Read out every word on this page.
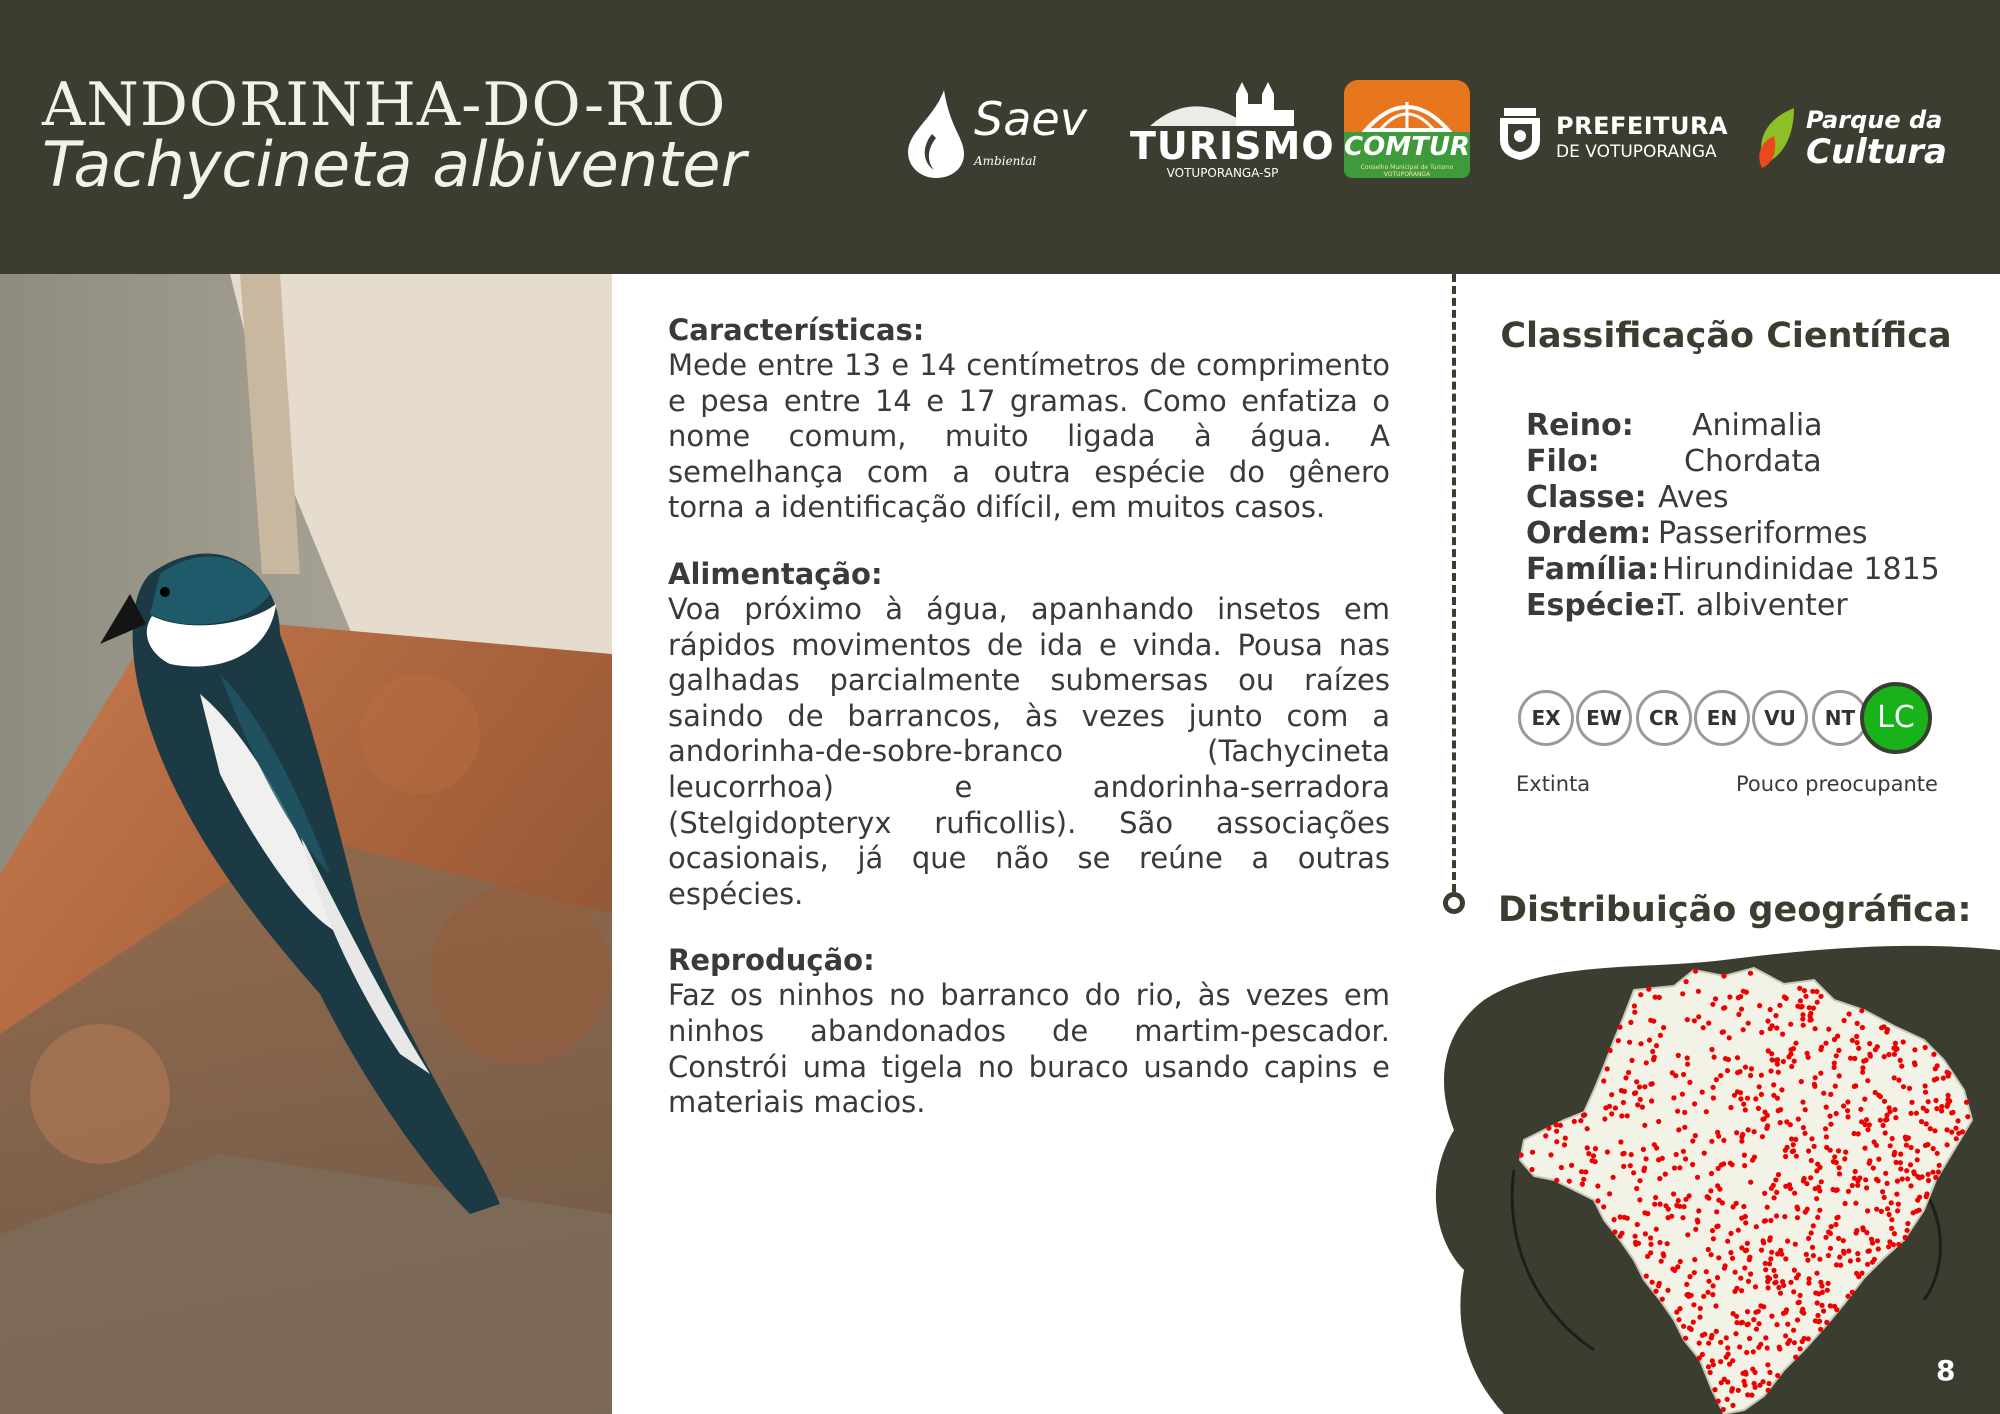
ANDORINHA-DO-RIO
Tachycineta albiventer
Saev
Ambiental TURISMO
VOTUPORANGA-SP
COMTUR
Conselho Municipal de Turismo VOTUPORANGA
PREFEITURA
DE VOTUPORANGA
Parque da
Cultura
Características:
Mede entre 13 e 14 centímetros de comprimento e pesa entre 14 e 17 gramas. Como enfatiza o nome comum, muito ligada à água. A semelhança com a outra espécie do gênero torna a identificação difícil, em muitos casos.
Alimentação:
Voa próximo à água, apanhando insetos em rápidos movimentos de ida e vinda. Pousa nas galhadas parcialmente submersas ou raízes saindo de barrancos, às vezes junto com a andorinha-de-sobre-branco (Tachycineta leucorrhoa) e andorinha-serradora (Stelgidopteryx ruficollis). São associações ocasionais, já que não se reúne a outras espécies.
Reprodução:
Faz os ninhos no barranco do rio, às vezes em ninhos abandonados de martim-pescador. Constrói uma tigela no buraco usando capins e materiais macios.
Classificação Científica
Reino: Animalia
Filo:	Chordata
Classe: Aves
Ordem: Passeriformes
Família:Hirundinidae 1815
Espécie:T. albiventer
EX	EW	CR	EN	VU	NT LC
Extinta	Pouco preocupante
Distribuição geográfica:
8
